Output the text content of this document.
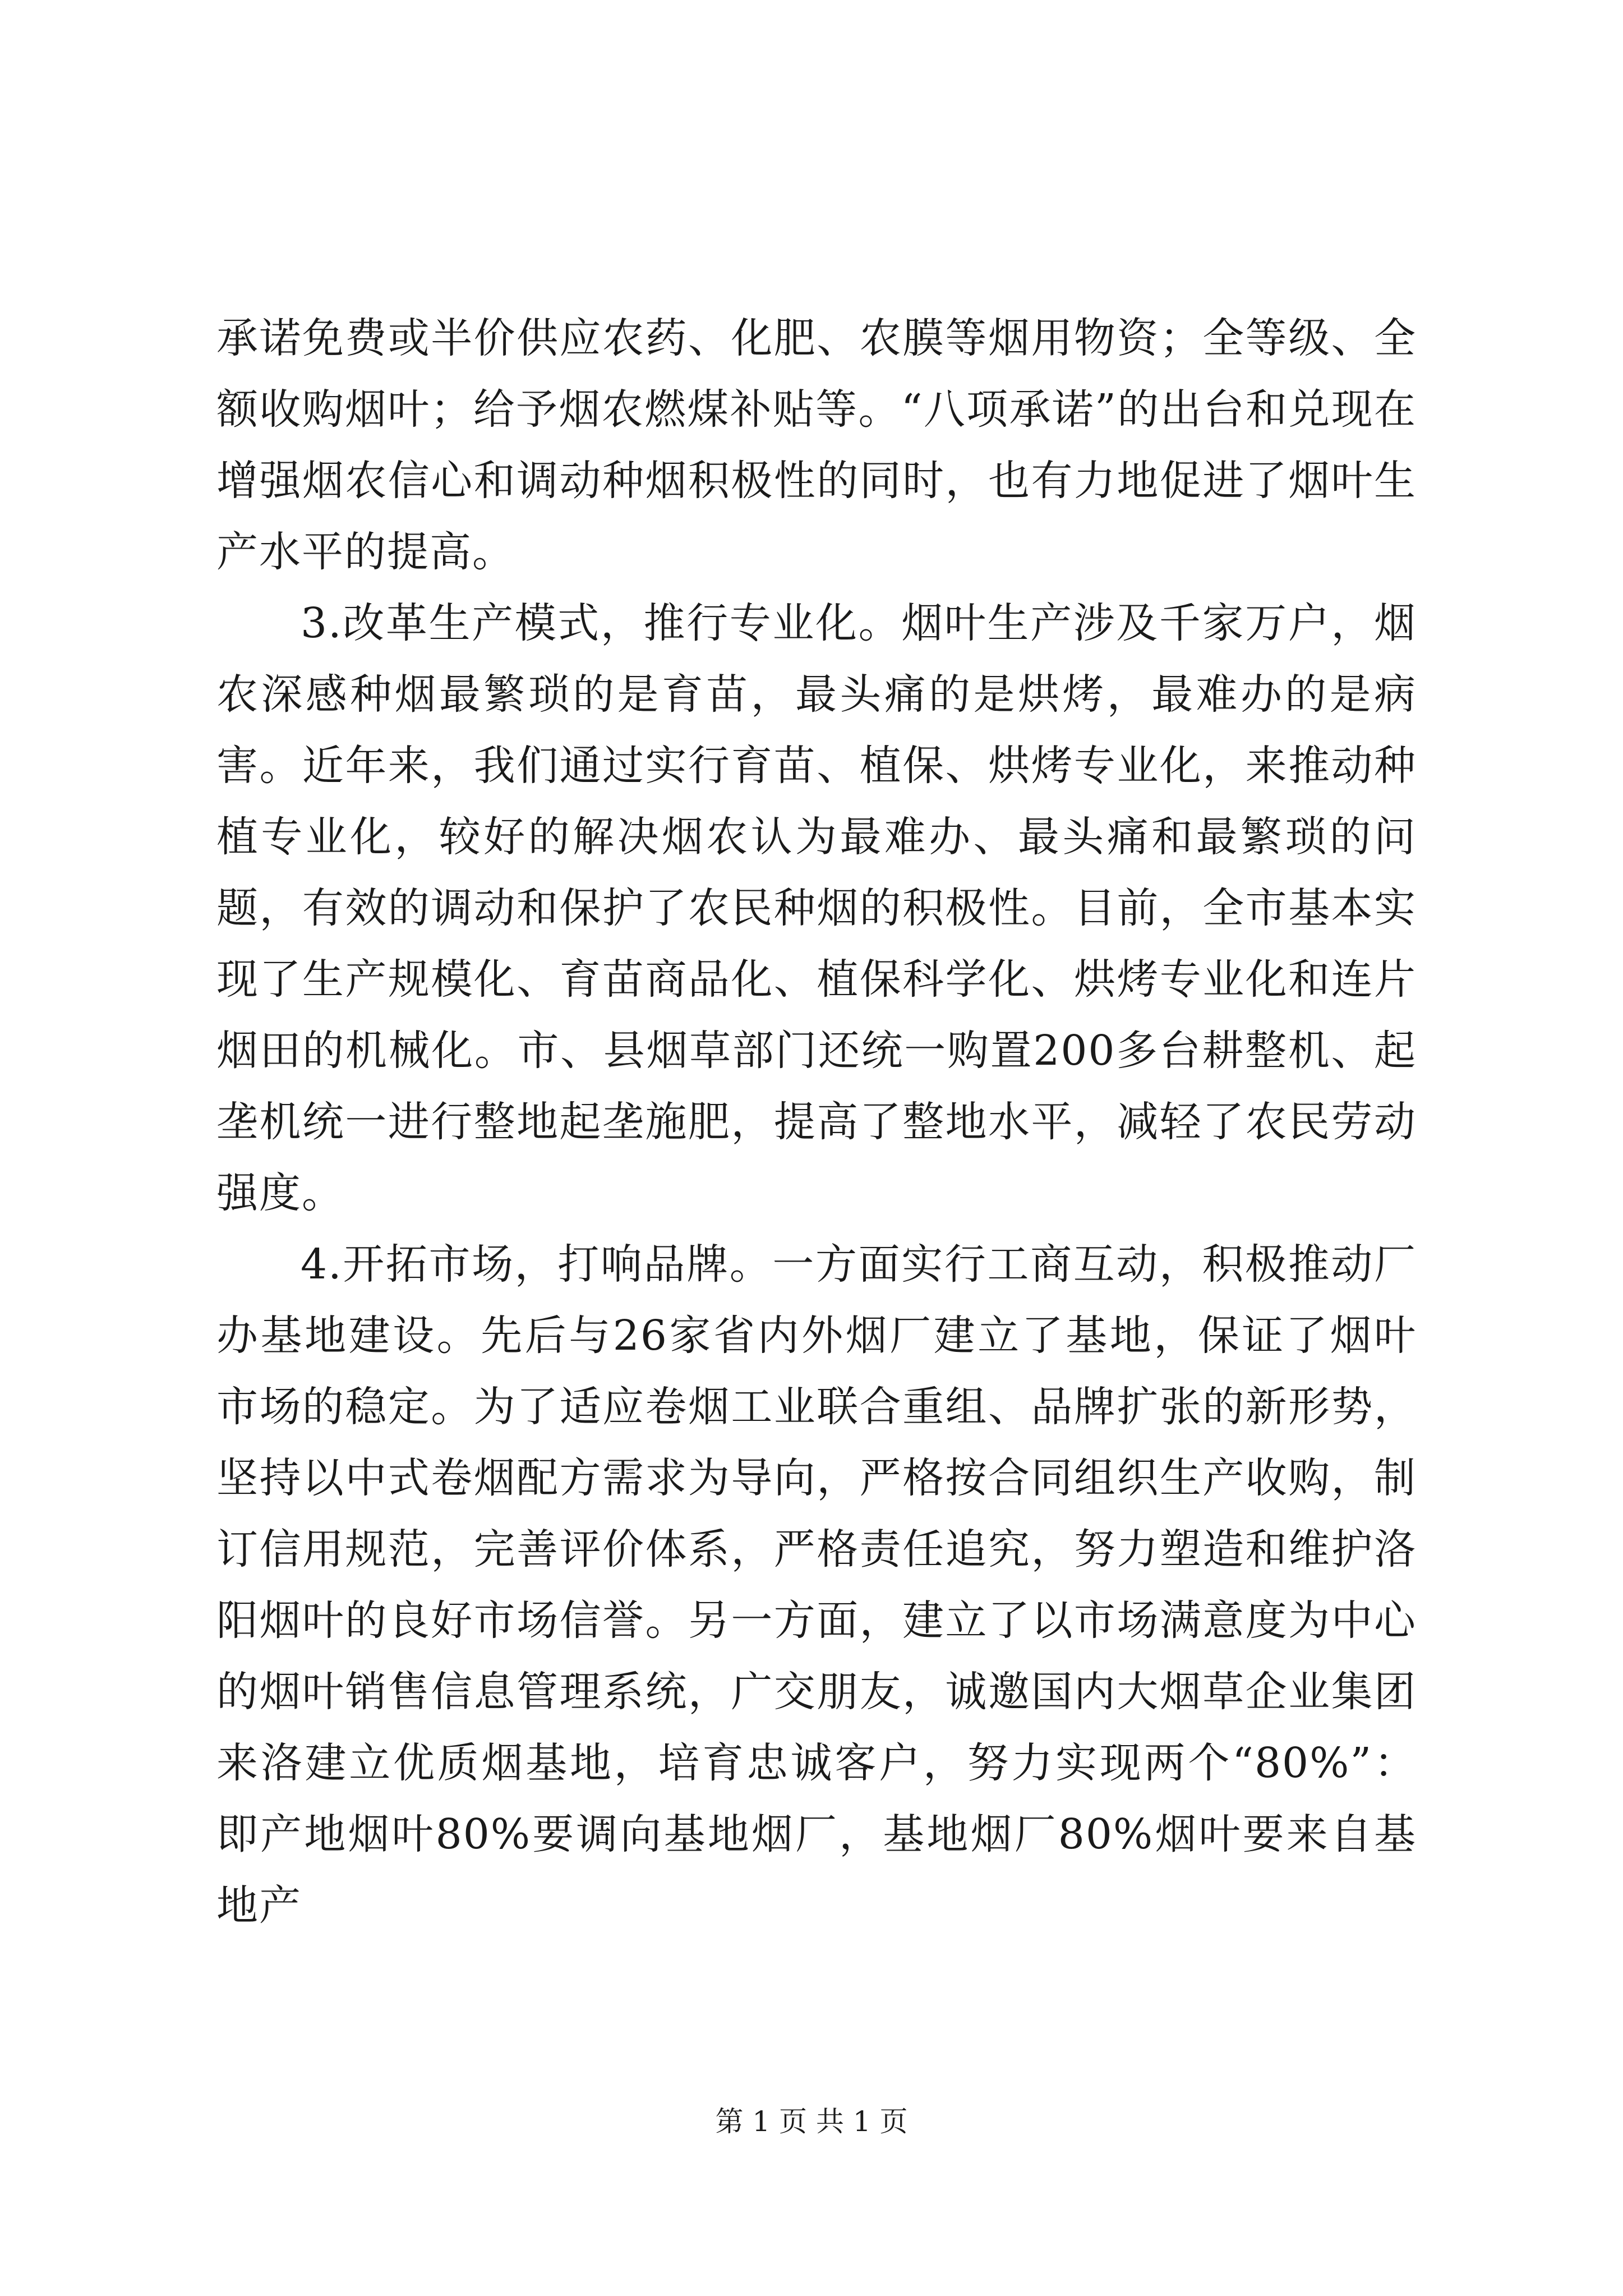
承诺免费或半价供应农药、化肥、农膜等烟用物资；全等级、全额收购烟叶；给予烟农燃煤补贴等。“八项承诺”的出台和兑现在增强烟农信心和调动种烟积极性的同时，也有力地促进了烟叶生产水平的提高。

3.改革生产模式，推行专业化。烟叶生产涉及千家万户，烟农深感种烟最繁琐的是育苗，最头痛的是烘烤，最难办的是病害。近年来，我们通过实行育苗、植保、烘烤专业化，来推动种植专业化，较好的解决烟农认为最难办、最头痛和最繁琐的问题，有效的调动和保护了农民种烟的积极性。目前，全市基本实现了生产规模化、育苗商品化、植保科学化、烘烤专业化和连片烟田的机械化。市、县烟草部门还统一购置200多台耕整机、起垄机统一进行整地起垄施肥，提高了整地水平，减轻了农民劳动强度。

4.开拓市场，打响品牌。一方面实行工商互动，积极推动厂办基地建设。先后与26家省内外烟厂建立了基地，保证了烟叶市场的稳定。为了适应卷烟工业联合重组、品牌扩张的新形势，坚持以中式卷烟配方需求为导向，严格按合同组织生产收购，制订信用规范，完善评价体系，严格责任追究，努力塑造和维护洛阳烟叶的良好市场信誉。另一方面，建立了以市场满意度为中心的烟叶销售信息管理系统，广交朋友，诚邀国内大烟草企业集团来洛建立优质烟基地，培育忠诚客户，努力实现两个“80%”：即产地烟叶80%要调向基地烟厂，基地烟厂80%烟叶要来自基地产

第 1 页 共 1 页
